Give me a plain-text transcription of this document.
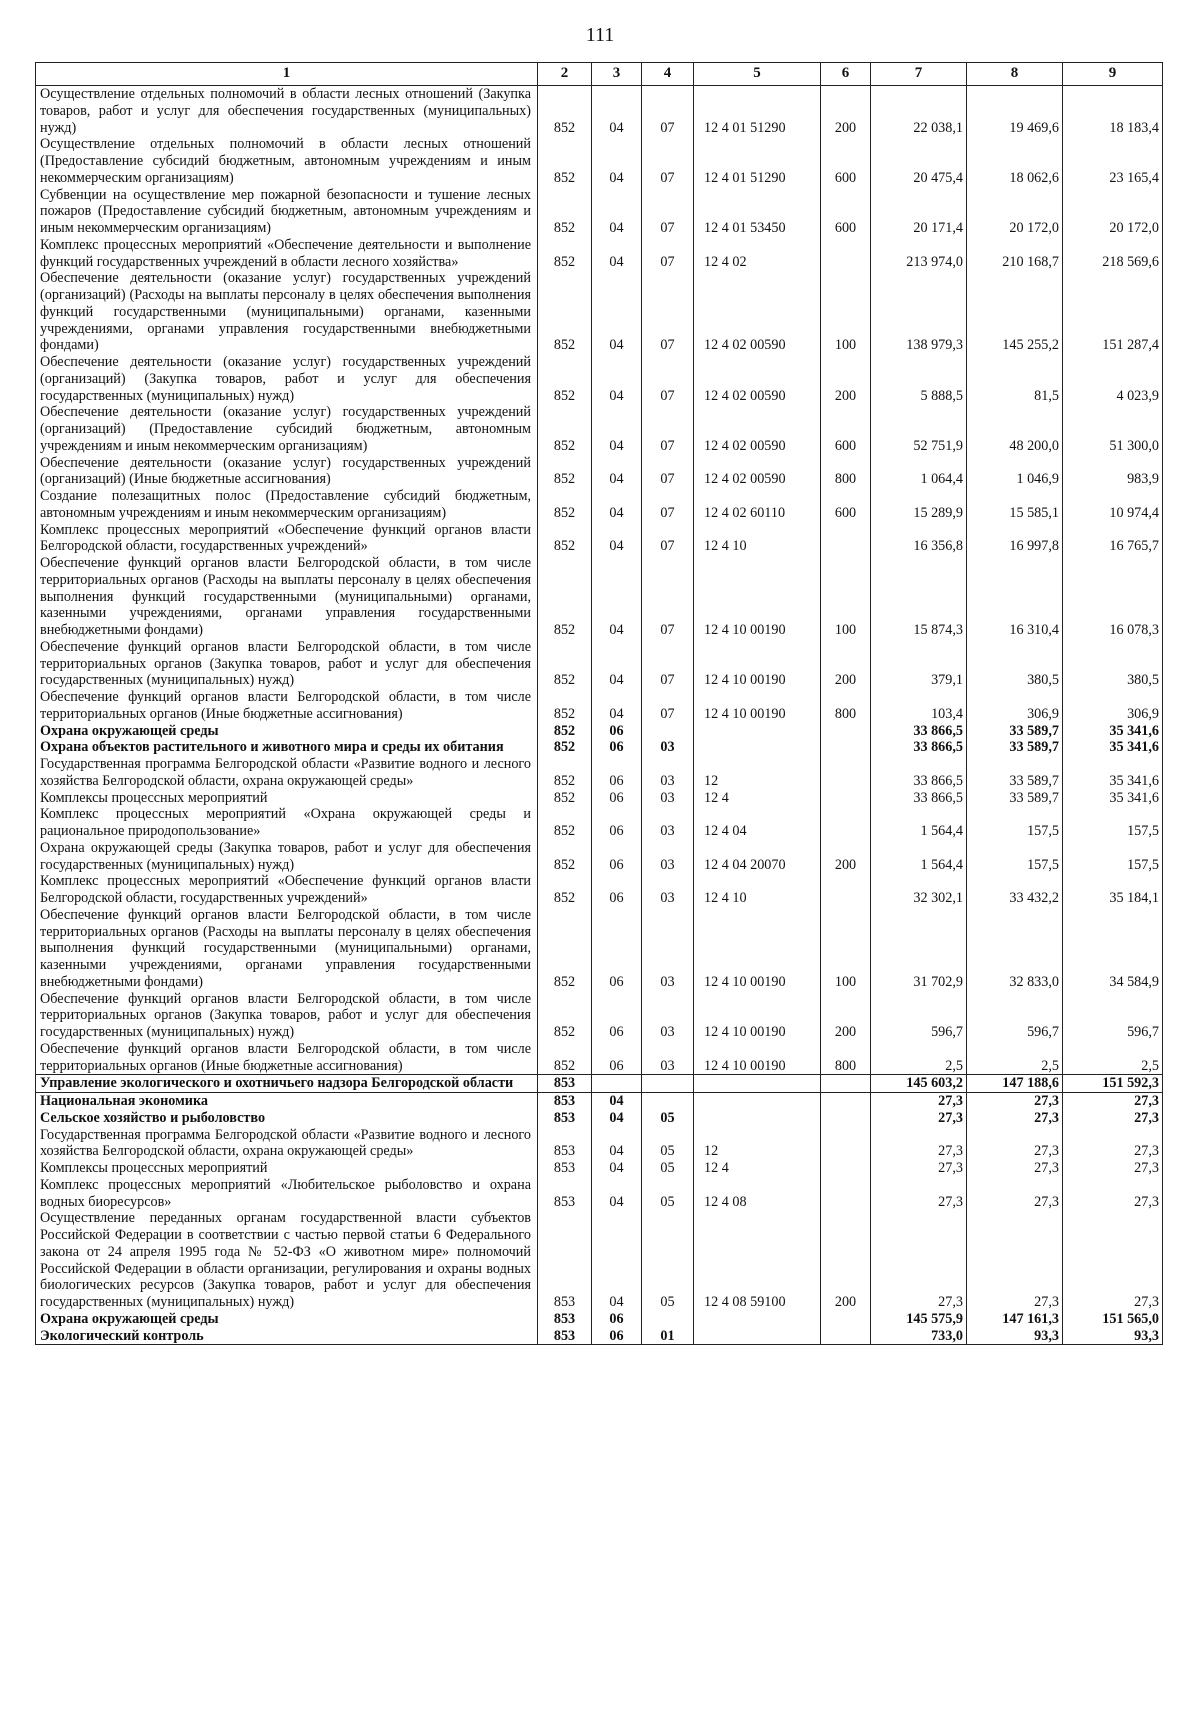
111
1	2	3	4	5	6	7	8	9
Осуществление отдельных полномочий в области лесных отношений (Закупка товаров, работ и услуг для обеспечения государственных (муниципальных) нужд)	852	04	07	12 4 01 51290	200	22 038,1	19 469,6	18 183,4
Осуществление отдельных полномочий в области лесных отношений (Предоставление субсидий бюджетным, автономным учреждениям и иным некоммерческим организациям)	852	04	07	12 4 01 51290	600	20 475,4	18 062,6	23 165,4
Субвенции на осуществление мер пожарной безопасности и тушение лесных пожаров (Предоставление субсидий бюджетным, автономным учреждениям и иным некоммерческим организациям)	852	04	07	12 4 01 53450	600	20 171,4	20 172,0	20 172,0
Комплекс процессных мероприятий «Обеспечение деятельности и выполнение функций государственных учреждений в области лесного хозяйства»	852	04	07	12 4 02		213 974,0	210 168,7	218 569,6
Обеспечение деятельности (оказание услуг) государственных учреждений (организаций) (Расходы на выплаты персоналу в целях обеспечения выполнения функций государственными (муниципальными) органами, казенными учреждениями, органами управления государственными внебюджетными фондами)	852	04	07	12 4 02 00590	100	138 979,3	145 255,2	151 287,4
Обеспечение деятельности (оказание услуг) государственных учреждений (организаций) (Закупка товаров, работ и услуг для обеспечения государственных (муниципальных) нужд)	852	04	07	12 4 02 00590	200	5 888,5	81,5	4 023,9
Обеспечение деятельности (оказание услуг) государственных учреждений (организаций) (Предоставление субсидий бюджетным, автономным учреждениям и иным некоммерческим организациям)	852	04	07	12 4 02 00590	600	52 751,9	48 200,0	51 300,0
Обеспечение деятельности (оказание услуг) государственных учреждений (организаций) (Иные бюджетные ассигнования)	852	04	07	12 4 02 00590	800	1 064,4	1 046,9	983,9
Создание полезащитных полос (Предоставление субсидий бюджетным, автономным учреждениям и иным некоммерческим организациям)	852	04	07	12 4 02 60110	600	15 289,9	15 585,1	10 974,4
Комплекс процессных мероприятий «Обеспечение функций органов власти Белгородской области, государственных учреждений»	852	04	07	12 4 10		16 356,8	16 997,8	16 765,7
Обеспечение функций органов власти Белгородской области, в том числе территориальных органов (Расходы на выплаты персоналу в целях обеспечения выполнения функций государственными (муниципальными) органами, казенными учреждениями, органами управления государственными внебюджетными фондами)	852	04	07	12 4 10 00190	100	15 874,3	16 310,4	16 078,3
Обеспечение функций органов власти Белгородской области, в том числе территориальных органов (Закупка товаров, работ и услуг для обеспечения государственных (муниципальных) нужд)	852	04	07	12 4 10 00190	200	379,1	380,5	380,5
Обеспечение функций органов власти Белгородской области, в том числе территориальных органов (Иные бюджетные ассигнования)	852	04	07	12 4 10 00190	800	103,4	306,9	306,9
Охрана окружающей среды	852	06				33 866,5	33 589,7	35 341,6
Охрана объектов растительного и животного мира и среды их обитания	852	06	03			33 866,5	33 589,7	35 341,6
Государственная программа Белгородской области «Развитие водного и лесного хозяйства Белгородской области, охрана окружающей среды»	852	06	03	12		33 866,5	33 589,7	35 341,6
Комплексы процессных мероприятий	852	06	03	12 4		33 866,5	33 589,7	35 341,6
Комплекс процессных мероприятий «Охрана окружающей среды и рациональное природопользование»	852	06	03	12 4 04		1 564,4	157,5	157,5
Охрана окружающей среды (Закупка товаров, работ и услуг для обеспечения государственных (муниципальных) нужд)	852	06	03	12 4 04 20070	200	1 564,4	157,5	157,5
Комплекс процессных мероприятий «Обеспечение функций органов власти Белгородской области, государственных учреждений»	852	06	03	12 4 10		32 302,1	33 432,2	35 184,1
Обеспечение функций органов власти Белгородской области, в том числе территориальных органов (Расходы на выплаты персоналу в целях обеспечения выполнения функций государственными (муниципальными) органами, казенными учреждениями, органами управления государственными внебюджетными фондами)	852	06	03	12 4 10 00190	100	31 702,9	32 833,0	34 584,9
Обеспечение функций органов власти Белгородской области, в том числе территориальных органов (Закупка товаров, работ и услуг для обеспечения государственных (муниципальных) нужд)	852	06	03	12 4 10 00190	200	596,7	596,7	596,7
Обеспечение функций органов власти Белгородской области, в том числе территориальных органов (Иные бюджетные ассигнования)	852	06	03	12 4 10 00190	800	2,5	2,5	2,5
Управление экологического и охотничьего надзора Белгородской области	853					145 603,2	147 188,6	151 592,3
Национальная экономика	853	04				27,3	27,3	27,3
Сельское хозяйство и рыболовство	853	04	05			27,3	27,3	27,3
Государственная программа Белгородской области «Развитие водного и лесного хозяйства Белгородской области, охрана окружающей среды»	853	04	05	12		27,3	27,3	27,3
Комплексы процессных мероприятий	853	04	05	12 4		27,3	27,3	27,3
Комплекс процессных мероприятий «Любительское рыболовство и охрана водных биоресурсов»	853	04	05	12 4 08		27,3	27,3	27,3
Осуществление переданных органам государственной власти субъектов Российской Федерации в соответствии с частью первой статьи 6 Федерального закона от 24 апреля 1995 года № 52-ФЗ «О животном мире» полномочий Российской Федерации в области организации, регулирования и охраны водных биологических ресурсов (Закупка товаров, работ и услуг для обеспечения государственных (муниципальных) нужд)	853	04	05	12 4 08 59100	200	27,3	27,3	27,3
Охрана окружающей среды	853	06				145 575,9	147 161,3	151 565,0
Экологический контроль	853	06	01			733,0	93,3	93,3
